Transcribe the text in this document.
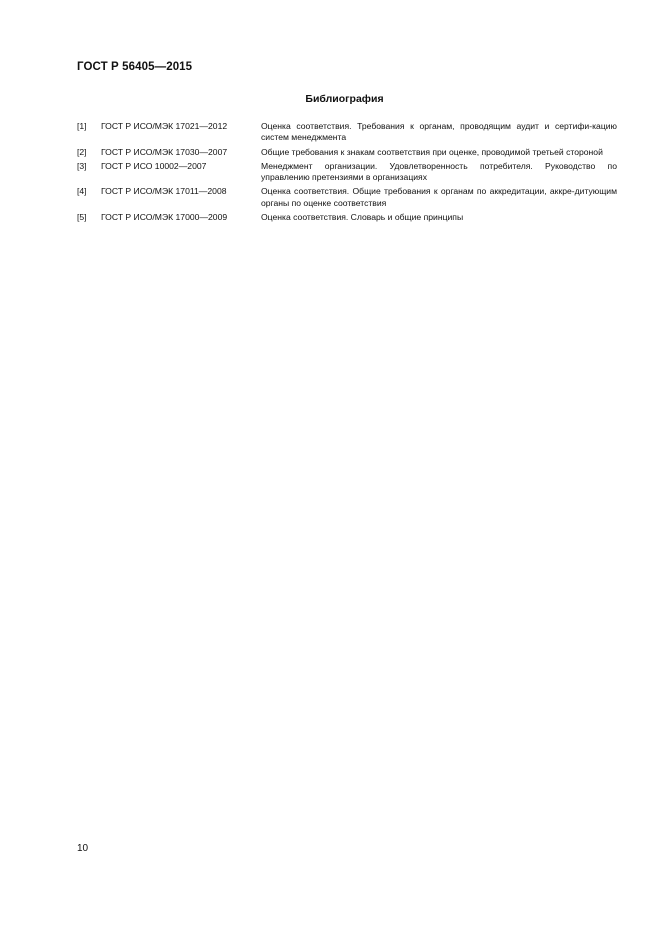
ГОСТ Р 56405—2015
Библиография
[1]	ГОСТ Р ИСО/МЭК 17021—2012	Оценка соответствия. Требования к органам, проводящим аудит и сертифи-кацию систем менеджмента
[2]	ГОСТ Р ИСО/МЭК 17030—2007	Общие требования к знакам соответствия при оценке, проводимой третьей стороной
[3]	ГОСТ Р ИСО 10002—2007	Менеджмент организации. Удовлетворенность потребителя. Руководство по управлению претензиями в организациях
[4]	ГОСТ Р ИСО/МЭК 17011—2008	Оценка соответствия. Общие требования к органам по аккредитации, аккре-дитующим органы по оценке соответствия
[5]	ГОСТ Р ИСО/МЭК 17000—2009	Оценка соответствия. Словарь и общие принципы
10
